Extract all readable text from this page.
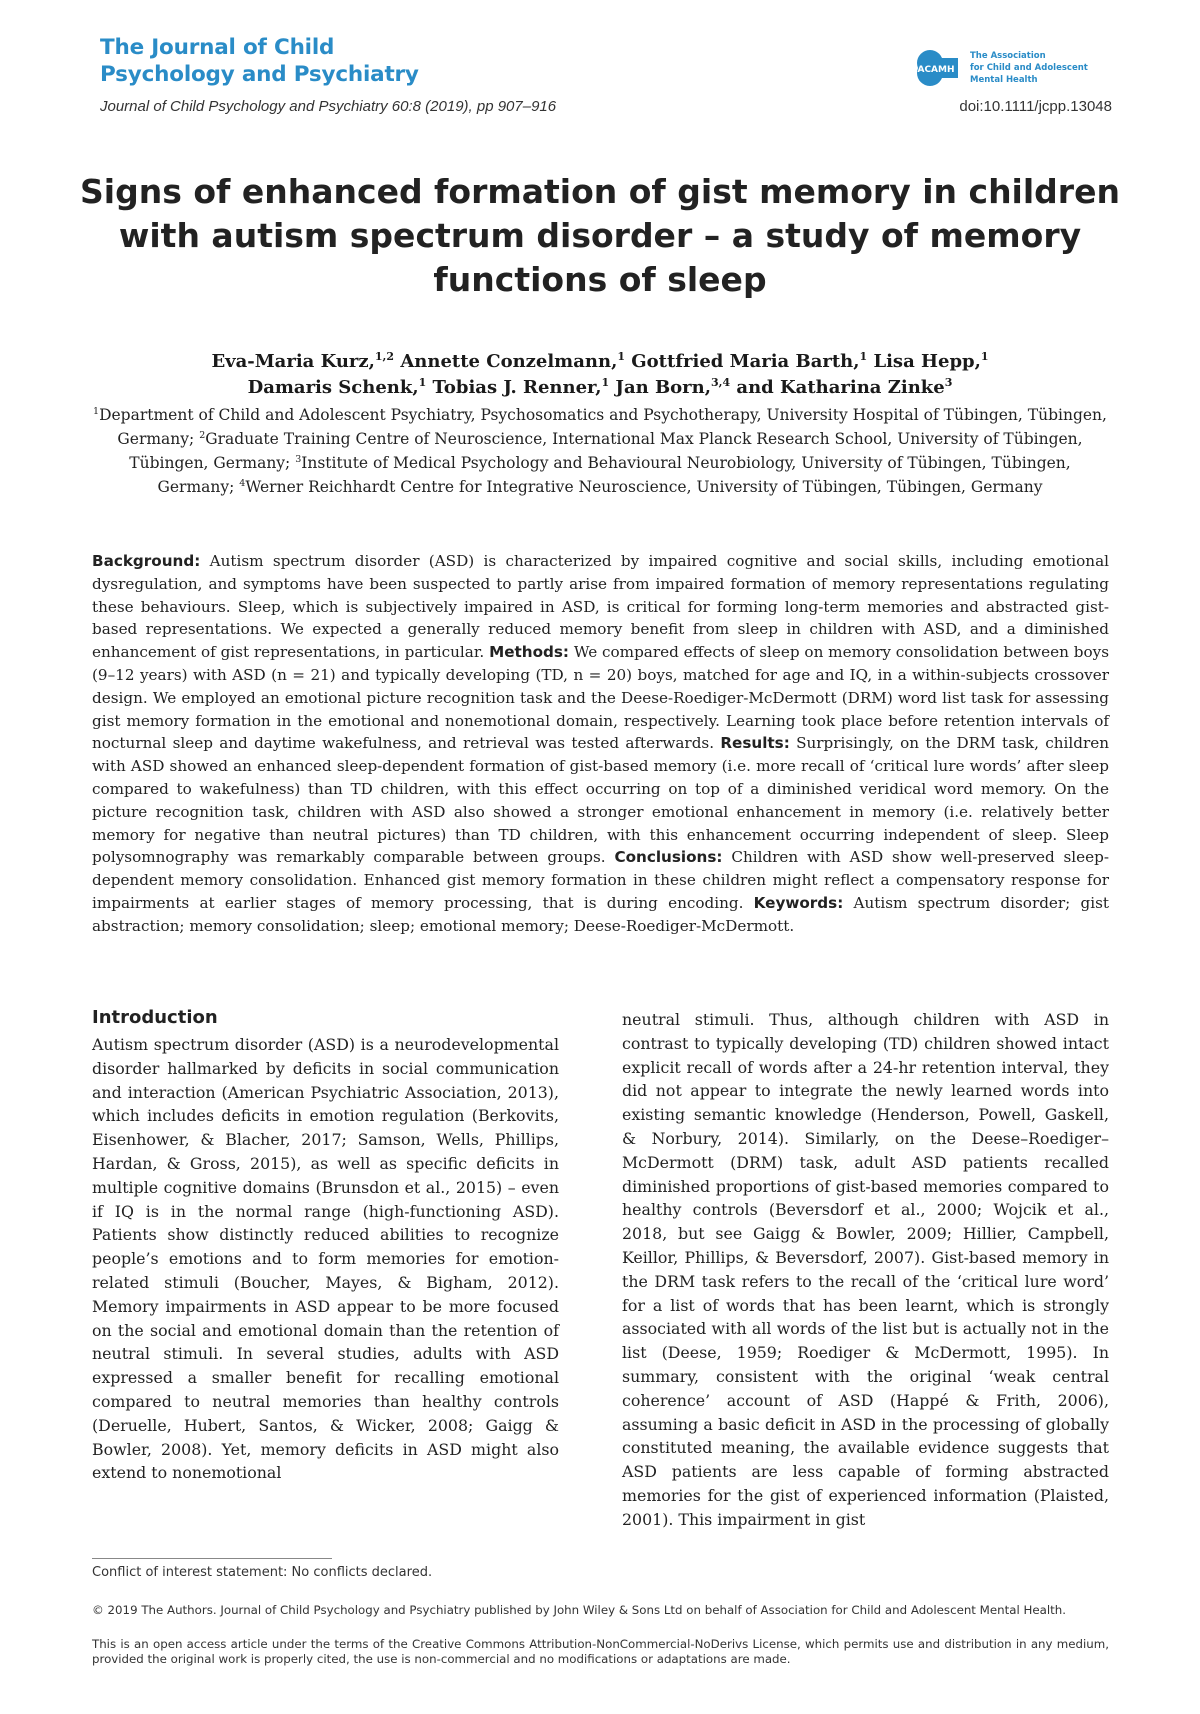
The Journal of Child
Psychology and Psychiatry	ACAMH
The Association
for Child and Adolescent
Mental Health
Journal of Child Psychology and Psychiatry 60:8 (2019), pp 907–916	doi:10.1111/jcpp.13048
Signs of enhanced formation of gist memory in children with autism spectrum disorder – a study of memory functions of sleep
Eva-Maria Kurz,$^{1,2}$ Annette Conzelmann,$^1$ Gottfried Maria Barth,$^1$ Lisa Hepp,$^1$
Damaris Schenk,$^1$ Tobias J. Renner,$^1$ Jan Born,$^{3,4}$ and Katharina Zinke$^3$
$^1$Department of Child and Adolescent Psychiatry, Psychosomatics and Psychotherapy, University Hospital of Tübingen, Tübingen, Germany; $^2$Graduate Training Centre of Neuroscience, International Max Planck Research School, University of Tübingen, Tübingen, Germany; $^3$Institute of Medical Psychology and Behavioural Neurobiology, University of Tübingen, Tübingen, Germany; $^4$Werner Reichhardt Centre for Integrative Neuroscience, University of Tübingen, Tübingen, Germany
Background: Autism spectrum disorder (ASD) is characterized by impaired cognitive and social skills, including emotional dysregulation, and symptoms have been suspected to partly arise from impaired formation of memory representations regulating these behaviours. Sleep, which is subjectively impaired in ASD, is critical for forming long-term memories and abstracted gist-based representations. We expected a generally reduced memory benefit from sleep in children with ASD, and a diminished enhancement of gist representations, in particular. Methods: We compared effects of sleep on memory consolidation between boys (9–12 years) with ASD (n = 21) and typically developing (TD, n = 20) boys, matched for age and IQ, in a within-subjects crossover design. We employed an emotional picture recognition task and the Deese-Roediger-McDermott (DRM) word list task for assessing gist memory formation in the emotional and nonemotional domain, respectively. Learning took place before retention intervals of nocturnal sleep and daytime wakefulness, and retrieval was tested afterwards. Results: Surprisingly, on the DRM task, children with ASD showed an enhanced sleep-dependent formation of gist-based memory (i.e. more recall of ‘critical lure words’ after sleep compared to wakefulness) than TD children, with this effect occurring on top of a diminished veridical word memory. On the picture recognition task, children with ASD also showed a stronger emotional enhancement in memory (i.e. relatively better memory for negative than neutral pictures) than TD children, with this enhancement occurring independent of sleep. Sleep polysomnography was remarkably comparable between groups. Conclusions: Children with ASD show well-preserved sleep-dependent memory consolidation. Enhanced gist memory formation in these children might reflect a compensatory response for impairments at earlier stages of memory processing, that is during encoding. Keywords: Autism spectrum disorder; gist abstraction; memory consolidation; sleep; emotional memory; Deese-Roediger-McDermott.
Introduction
Autism spectrum disorder (ASD) is a neurodevelopmental disorder hallmarked by deficits in social communication and interaction (American Psychiatric Association, 2013), which includes deficits in emotion regulation (Berkovits, Eisenhower, & Blacher, 2017; Samson, Wells, Phillips, Hardan, & Gross, 2015), as well as specific deficits in multiple cognitive domains (Brunsdon et al., 2015) – even if IQ is in the normal range (high-functioning ASD). Patients show distinctly reduced abilities to recognize people’s emotions and to form memories for emotion-related stimuli (Boucher, Mayes, & Bigham, 2012). Memory impairments in ASD appear to be more focused on the social and emotional domain than the retention of neutral stimuli. In several studies, adults with ASD expressed a smaller benefit for recalling emotional compared to neutral memories than healthy controls (Deruelle, Hubert, Santos, & Wicker, 2008; Gaigg & Bowler, 2008). Yet, memory deficits in ASD might also extend to nonemotional
neutral stimuli. Thus, although children with ASD in contrast to typically developing (TD) children showed intact explicit recall of words after a 24-hr retention interval, they did not appear to integrate the newly learned words into existing semantic knowledge (Henderson, Powell, Gaskell, & Norbury, 2014). Similarly, on the Deese–Roediger–McDermott (DRM) task, adult ASD patients recalled diminished proportions of gist-based memories compared to healthy controls (Beversdorf et al., 2000; Wojcik et al., 2018, but see Gaigg & Bowler, 2009; Hillier, Campbell, Keillor, Phillips, & Beversdorf, 2007). Gist-based memory in the DRM task refers to the recall of the ‘critical lure word’ for a list of words that has been learnt, which is strongly associated with all words of the list but is actually not in the list (Deese, 1959; Roediger & McDermott, 1995). In summary, consistent with the original ‘weak central coherence’ account of ASD (Happé & Frith, 2006), assuming a basic deficit in ASD in the processing of globally constituted meaning, the available evidence suggests that ASD patients are less capable of forming abstracted memories for the gist of experienced information (Plaisted, 2001). This impairment in gist
Conflict of interest statement: No conflicts declared.
© 2019 The Authors. Journal of Child Psychology and Psychiatry published by John Wiley & Sons Ltd on behalf of Association for Child and Adolescent Mental Health.
This is an open access article under the terms of the Creative Commons Attribution-NonCommercial-NoDerivs License, which permits use and distribution in any medium, provided the original work is properly cited, the use is non-commercial and no modifications or adaptations are made.
